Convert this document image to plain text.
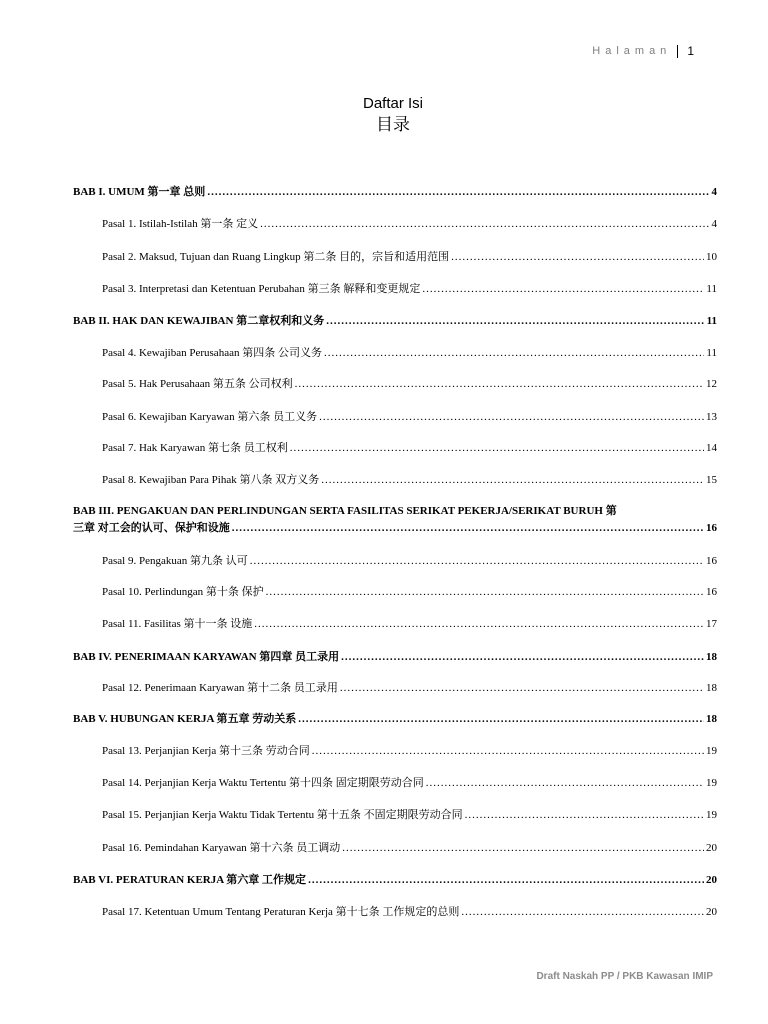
Halaman 1
Daftar Isi
目录
BAB I. UMUM 第一章 总则 .....	4
Pasal 1. Istilah-Istilah 第一条 定义 .....	4
Pasal 2. Maksud, Tujuan dan Ruang Lingkup 第二条 目的，宗旨和适用范围 .....	10
Pasal 3. Interpretasi dan Ketentuan Perubahan 第三条 解释和变更规定 .....	11
BAB II. HAK DAN KEWAJIBAN 第二章权利和义务 .....	11
Pasal 4. Kewajiban Perusahaan 第四条 公司义务 .....	11
Pasal 5. Hak Perusahaan 第五条 公司权利 .....	12
Pasal 6. Kewajiban Karyawan 第六条 员工义务 .....	13
Pasal 7. Hak Karyawan 第七条 员工权利 .....	14
Pasal 8. Kewajiban Para Pihak 第八条 双方义务 .....	15
BAB III. PENGAKUAN DAN PERLINDUNGAN SERTA FASILITAS SERIKAT PEKERJA/SERIKAT BURUH 第
三章 对工会的认可、保护和设施 .....	16
Pasal 9. Pengakuan 第九条 认可 .....	16
Pasal 10. Perlindungan 第十条 保护 .....	16
Pasal 11. Fasilitas 第十一条 设施 .....	17
BAB IV. PENERIMAAN KARYAWAN 第四章 员工录用 .....	18
Pasal 12. Penerimaan Karyawan 第十二条 员工录用 .....	18
BAB V. HUBUNGAN KERJA 第五章 劳动关系 .....	18
Pasal 13. Perjanjian Kerja 第十三条 劳动合同 .....	19
Pasal 14. Perjanjian Kerja Waktu Tertentu 第十四条 固定期限劳动合同 .....	19
Pasal 15. Perjanjian Kerja Waktu Tidak Tertentu 第十五条 不固定期限劳动合同 .....	19
Pasal 16. Pemindahan Karyawan 第十六条 员工调动 .....	20
BAB VI. PERATURAN KERJA 第六章 工作规定 .....	20
Pasal 17. Ketentuan Umum Tentang Peraturan Kerja 第十七条 工作规定的总则 .....	20
Draft Naskah PP / PKB Kawasan IMIP
